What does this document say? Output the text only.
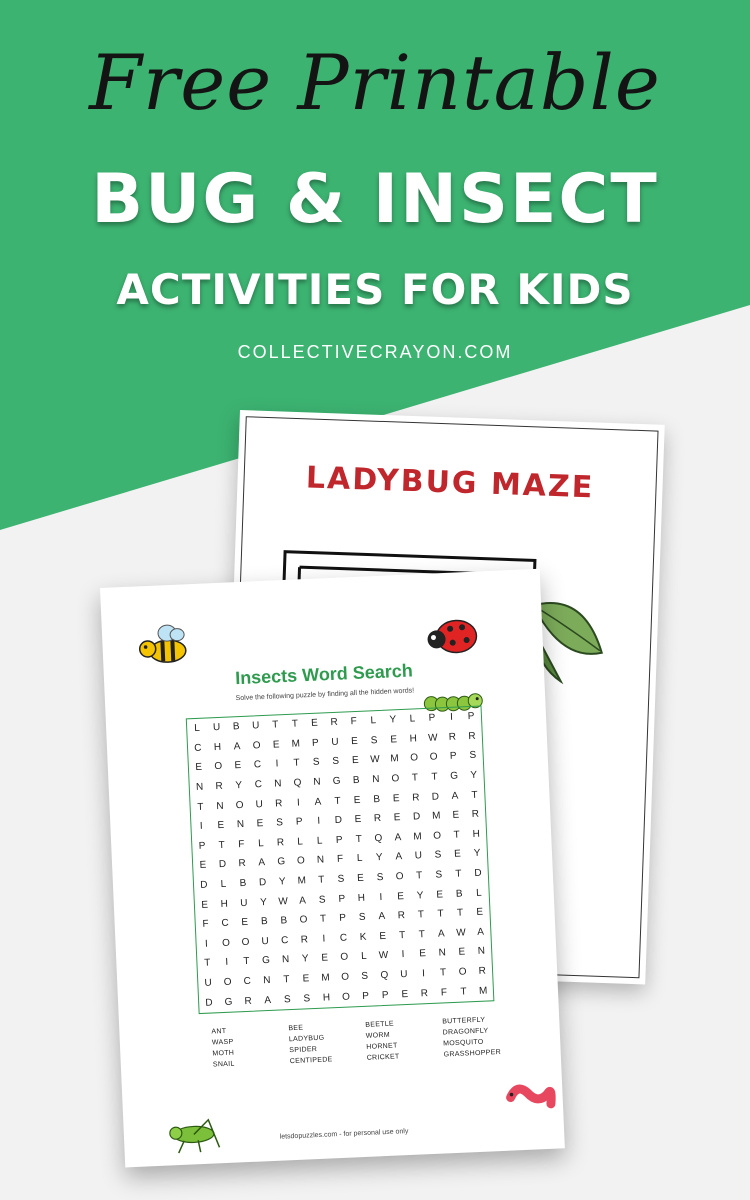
Free Printable
BUG & INSECT
ACTIVITIES FOR KIDS
COLLECTIVECRAYON.COM
LADYBUG MAZE
Insects Word Search
Solve the following puzzle by finding all the hidden words!
L	U	B	U	T	T	E	R	F	L	Y	L	P	I	P
C	H	A	O	E	M	P	U	E	S	E	H	W	R	R
E	O	E	C	I	T	S	S	E	W	M	O	O	P	S
N	R	Y	C	N	Q	N	G	B	N	O	T	T	G	Y
T	N	O	U	R	I	A	T	E	B	E	R	D	A	T
I	E	N	E	S	P	I	D	E	R	E	D	M	E	R
P	T	F	L	R	L	L	P	T	Q	A	M	O	T	H
E	D	R	A	G	O	N	F	L	Y	A	U	S	E	Y
D	L	B	D	Y	M	T	S	E	S	O	T	S	T	D
E	H	U	Y	W	A	S	P	H	I	E	Y	E	B	L
F	C	E	B	B	O	T	P	S	A	R	T	T	T	E
I	O	O	U	C	R	I	C	K	E	T	T	A	W	A
T	I	T	G	N	Y	E	O	L	W	I	E	N	E	N
U	O	C	N	T	E	M	O	S	Q	U	I	T	O	R
D	G	R	A	S	S	H	O	P	P	E	R	F	T	M
ANT
WASP
MOTH
SNAIL
BEE
LADYBUG
SPIDER
CENTIPEDE
BEETLE
WORM
HORNET
CRICKET
BUTTERFLY
DRAGONFLY
MOSQUITO
GRASSHOPPER
letsdopuzzles.com - for personal use only
